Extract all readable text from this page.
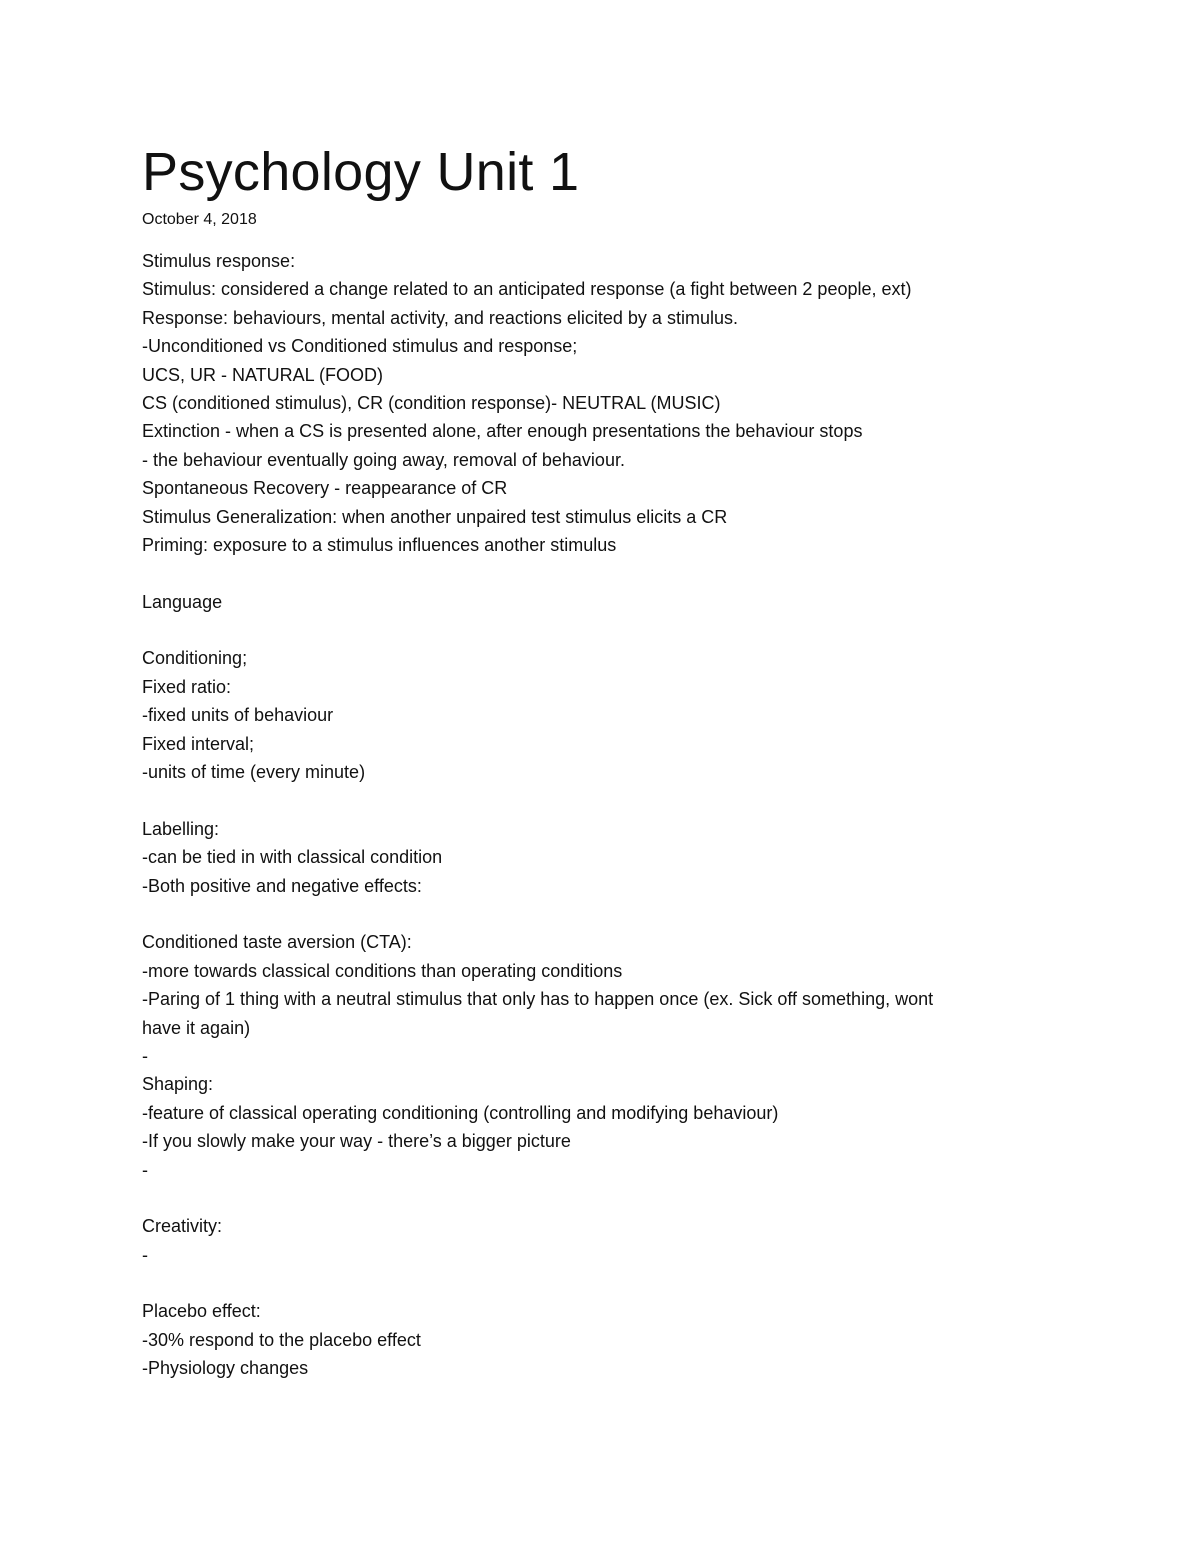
Psychology Unit 1
October 4, 2018
Stimulus response:
Stimulus: considered a change related to an anticipated response (a fight between 2 people, ext)
Response: behaviours, mental activity, and reactions elicited by a stimulus.
-Unconditioned vs Conditioned stimulus and response;
UCS, UR - NATURAL (FOOD)
CS (conditioned stimulus), CR (condition response)- NEUTRAL (MUSIC)
Extinction - when a CS is presented alone, after enough presentations the behaviour stops
- the behaviour eventually going away, removal of behaviour.
Spontaneous Recovery - reappearance of CR
Stimulus Generalization: when another unpaired test stimulus elicits a CR
Priming: exposure to a stimulus influences another stimulus
Language
Conditioning;
Fixed ratio:
-fixed units of behaviour
Fixed interval;
-units of time (every minute)
Labelling:
-can be tied in with classical condition
-Both positive and negative effects:
Conditioned taste aversion (CTA):
-more towards classical conditions than operating conditions
-Paring of 1 thing with a neutral stimulus that only has to happen once (ex. Sick off something, wont
have it again)
-
Shaping:
-feature of classical operating conditioning (controlling and modifying behaviour)
-If you slowly make your way - there’s a bigger picture
-
Creativity:
-
Placebo effect:
-30% respond to the placebo effect
-Physiology changes
